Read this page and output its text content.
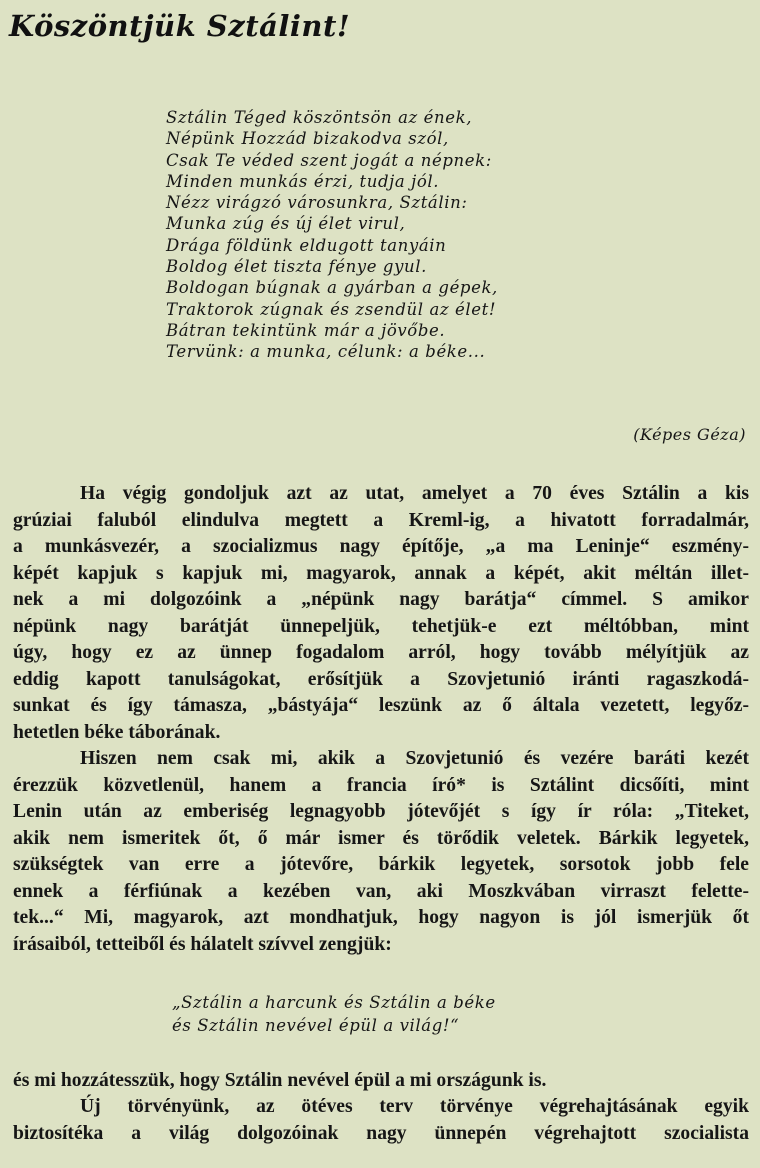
Köszöntjük Sztálint!
Sztálin Téged köszöntsön az ének,
Népünk Hozzád bizakodva szól,
Csak Te véded szent jogát a népnek:
Minden munkás érzi, tudja jól.
Nézz virágzó városunkra, Sztálin:
Munka zúg és új élet virul,
Drága földünk eldugott tanyáin
Boldog élet tiszta fénye gyul.
Boldogan búgnak a gyárban a gépek,
Traktorok zúgnak és zsendül az élet!
Bátran tekintünk már a jövőbe.
Tervünk: a munka, célunk: a béke...
(Képes Géza)
Ha végig gondoljuk azt az utat, amelyet a 70 éves Sztálin a kis
grúziai faluból elindulva megtett a Kreml-ig, a hivatott forradalmár,
a munkásvezér, a szocializmus nagy építője, „a ma Leninje“ eszmény-
képét kapjuk s kapjuk mi, magyarok, annak a képét, akit méltán illet-
nek a mi dolgozóink a „népünk nagy barátja“ címmel. S amikor
népünk nagy barátját ünnepeljük, tehetjük-e ezt méltóbban, mint
úgy, hogy ez az ünnep fogadalom arról, hogy tovább mélyítjük az
eddig kapott tanulságokat, erősítjük a Szovjetunió iránti ragaszkodá-
sunkat és így támasza, „bástyája“ leszünk az ő általa vezetett, legyőz-
hetetlen béke táborának.
Hiszen nem csak mi, akik a Szovjetunió és vezére baráti kezét
érezzük közvetlenül, hanem a francia író* is Sztálint dicsőíti, mint
Lenin után az emberiség legnagyobb jótevőjét s így ír róla: „Titeket,
akik nem ismeritek őt, ő már ismer és törődik veletek. Bárkik legyetek,
szükségtek van erre a jótevőre, bárkik legyetek, sorsotok jobb fele
ennek a férfiúnak a kezében van, aki Moszkvában virraszt felette-
tek...“ Mi, magyarok, azt mondhatjuk, hogy nagyon is jól ismerjük őt
írásaiból, tetteiből és hálatelt szívvel zengjük:
„Sztálin a harcunk és Sztálin a béke
és Sztálin nevével épül a világ!“
és mi hozzátesszük, hogy Sztálin nevével épül a mi országunk is.
Új törvényünk, az ötéves terv törvénye végrehajtásának egyik
biztosítéka a világ dolgozóinak nagy ünnepén végrehajtott szocialista
